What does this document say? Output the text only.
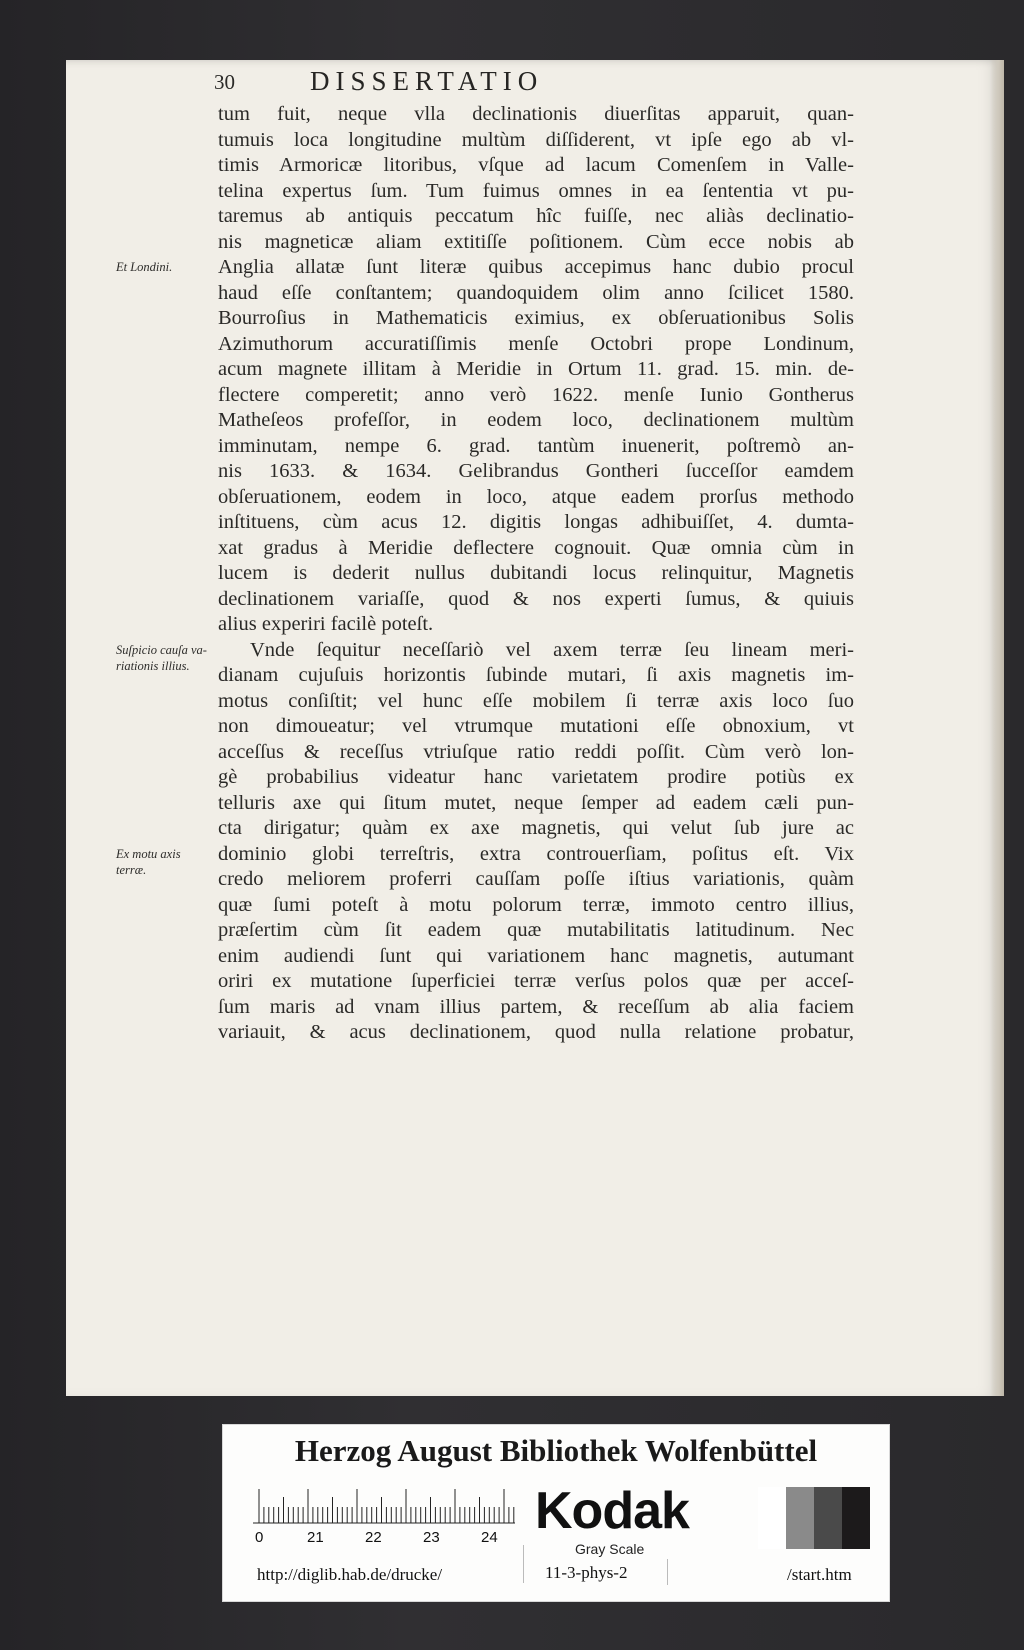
30	DISSERTATIO
tum fuit, neque vlla declinationis diuerſitas apparuit, quan-
tumuis loca longitudine multùm diſſiderent, vt ipſe ego ab vl-
timis Armoricæ litoribus, vſque ad lacum Comenſem in Valle-
telina expertus ſum. Tum fuimus omnes in ea ſententia vt pu-
taremus ab antiquis peccatum hîc fuiſſe, nec aliàs declinatio-
nis magneticæ aliam extitiſſe poſitionem. Cùm ecce nobis ab
Anglia allatæ ſunt literæ quibus accepimus hanc dubio procul
haud eſſe conſtantem; quandoquidem olim anno ſcilicet 1580.
Bourroſius in Mathematicis eximius, ex obſeruationibus Solis
Azimuthorum accuratiſſimis menſe Octobri prope Londinum,
acum magnete illitam à Meridie in Ortum 11. grad. 15. min. de-
flectere comperetit; anno verò 1622. menſe Iunio Gontherus
Matheſeos profeſſor, in eodem loco, declinationem multùm
imminutam, nempe 6. grad. tantùm inuenerit, poſtremò an-
nis 1633. & 1634. Gelibrandus Gontheri ſucceſſor eamdem
obſeruationem, eodem in loco, atque eadem prorſus methodo
inſtituens, cùm acus 12. digitis longas adhibuiſſet, 4. dumta-
xat gradus à Meridie deflectere cognouit. Quæ omnia cùm in
lucem is dederit nullus dubitandi locus relinquitur, Magnetis
declinationem variaſſe, quod & nos experti ſumus, & quiuis
alius experiri facilè poteſt.
Vnde ſequitur neceſſariò vel axem terræ ſeu lineam meri-
dianam cujuſuis horizontis ſubinde mutari, ſi axis magnetis im-
motus conſiſtit; vel hunc eſſe mobilem ſi terræ axis loco ſuo
non dimoueatur; vel vtrumque mutationi eſſe obnoxium, vt
acceſſus & receſſus vtriuſque ratio reddi poſſit. Cùm verò lon-
gè probabilius videatur hanc varietatem prodire potiùs ex
telluris axe qui ſitum mutet, neque ſemper ad eadem cæli pun-
cta dirigatur; quàm ex axe magnetis, qui velut ſub jure ac
dominio globi terreſtris, extra controuerſiam, poſitus eſt. Vix
credo meliorem proferri cauſſam poſſe iſtius variationis, quàm
quæ ſumi poteſt à motu polorum terræ, immoto centro illius,
præſertim cùm ſit eadem quæ mutabilitatis latitudinum. Nec
enim audiendi ſunt qui variationem hanc magnetis, autumant
oriri ex mutatione ſuperficiei terræ verſus polos quæ per acceſ-
ſum maris ad vnam illius partem, & receſſum ab alia faciem
variauit, & acus declinationem, quod nulla relatione probatur,
Et Londini.
Suſpicio cauſa va-riationis illius.
Ex motu axis terræ.
Herzog August Bibliothek Wolfenbüttel
0	21	22	23	24 Kodak
Gray Scale
http://diglib.hab.de/drucke/	11-3-phys-2	/start.htm
